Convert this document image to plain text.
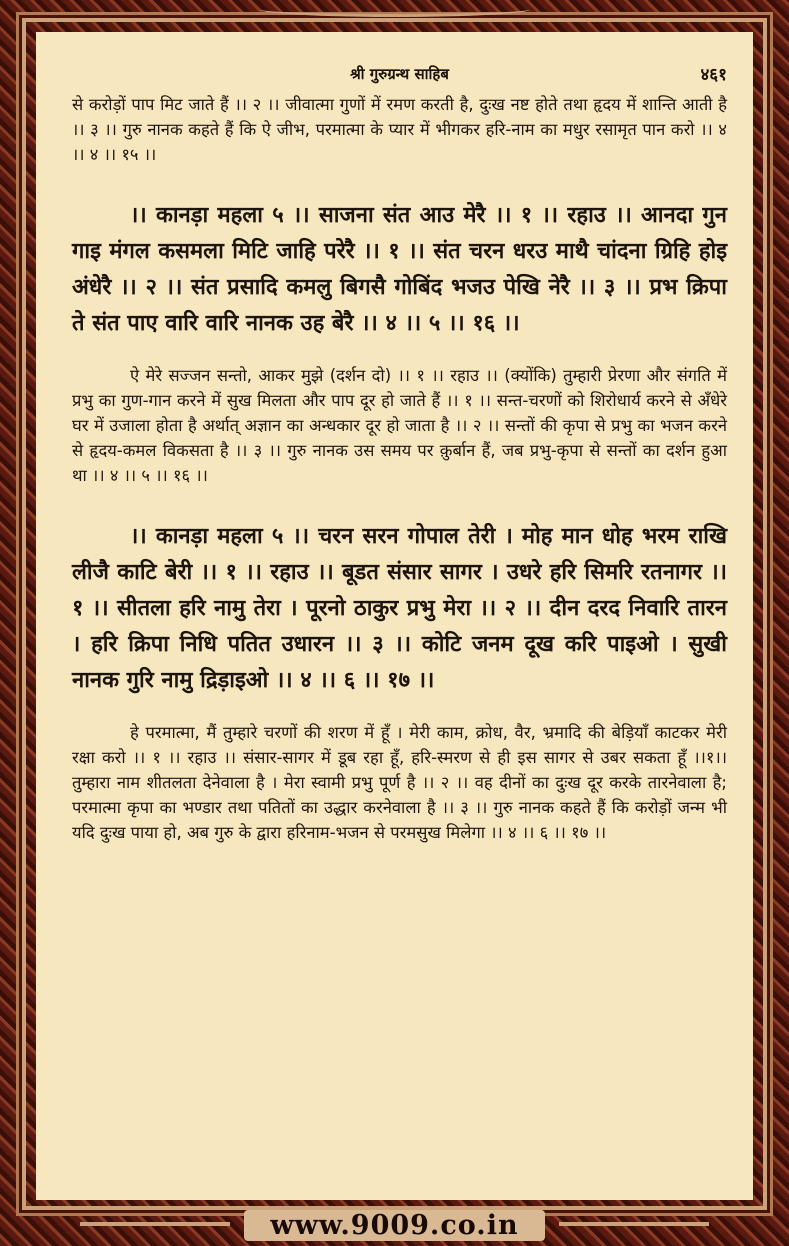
श्री गुरुग्रन्थ साहिब	४६१

से करोड़ों पाप मिट जाते हैं ।। २ ।। जीवात्मा गुणों में रमण करती है, दुःख नष्ट होते तथा हृदय में शान्ति आती है ।। ३ ।। गुरु नानक कहते हैं कि ऐ जीभ, परमात्मा के प्यार में भीगकर हरि-नाम का मधुर रसामृत पान करो ।। ४ ।। ४ ।। १५ ।।

।। कानड़ा महला ५ ।। साजना संत आउ मेरै ।। १ ।। रहाउ ।। आनदा गुन गाइ मंगल कसमला मिटि जाहि परेरै ।। १ ।। संत चरन धरउ माथै चांदना ग्रिहि होइ अंधेरै ।। २ ।। संत प्रसादि कमलु बिगसै गोबिंद भजउ पेखि नेरै ।। ३ ।। प्रभ क्रिपा ते संत पाए वारि वारि नानक उह बेरै ।। ४ ।। ५ ।। १६ ।।

ऐ मेरे सज्जन सन्तो, आकर मुझे (दर्शन दो) ।। १ ।। रहाउ ।। (क्योंकि) तुम्हारी प्रेरणा और संगति में प्रभु का गुण-गान करने में सुख मिलता और पाप दूर हो जाते हैं ।। १ ।। सन्त-चरणों को शिरोधार्य करने से अँधेरे घर में उजाला होता है अर्थात् अज्ञान का अन्धकार दूर हो जाता है ।। २ ।। सन्तों की कृपा से प्रभु का भजन करने से हृदय-कमल विकसता है ।। ३ ।। गुरु नानक उस समय पर क़ुर्बान हैं, जब प्रभु-कृपा से सन्तों का दर्शन हुआ था ।। ४ ।। ५ ।। १६ ।।

।। कानड़ा महला ५ ।। चरन सरन गोपाल तेरी । मोह मान धोह भरम राखि लीजै काटि बेरी ।। १ ।। रहाउ ।। बूडत संसार सागर । उधरे हरि सिमरि रतनागर ।। १ ।। सीतला हरि नामु तेरा । पूरनो ठाकुर प्रभु मेरा ।। २ ।। दीन दरद निवारि तारन । हरि क्रिपा निधि पतित उधारन ।। ३ ।। कोटि जनम दूख करि पाइओ । सुखी नानक गुरि नामु द्रिड़ाइओ ।। ४ ।। ६ ।। १७ ।।

हे परमात्मा, मैं तुम्हारे चरणों की शरण में हूँ । मेरी काम, क्रोध, वैर, भ्रमादि की बेड़ियाँ काटकर मेरी रक्षा करो ।। १ ।। रहाउ ।। संसार-सागर में डूब रहा हूँ, हरि-स्मरण से ही इस सागर से उबर सकता हूँ ।।१।। तुम्हारा नाम शीतलता देनेवाला है । मेरा स्वामी प्रभु पूर्ण है ।। २ ।। वह दीनों का दुःख दूर करके तारनेवाला है; परमात्मा कृपा का भण्डार तथा पतितों का उद्धार करनेवाला है ।। ३ ।। गुरु नानक कहते हैं कि करोड़ों जन्म भी यदि दुःख पाया हो, अब गुरु के द्वारा हरिनाम-भजन से परमसुख मिलेगा ।। ४ ।। ६ ।। १७ ।।

www.9009.co.in
